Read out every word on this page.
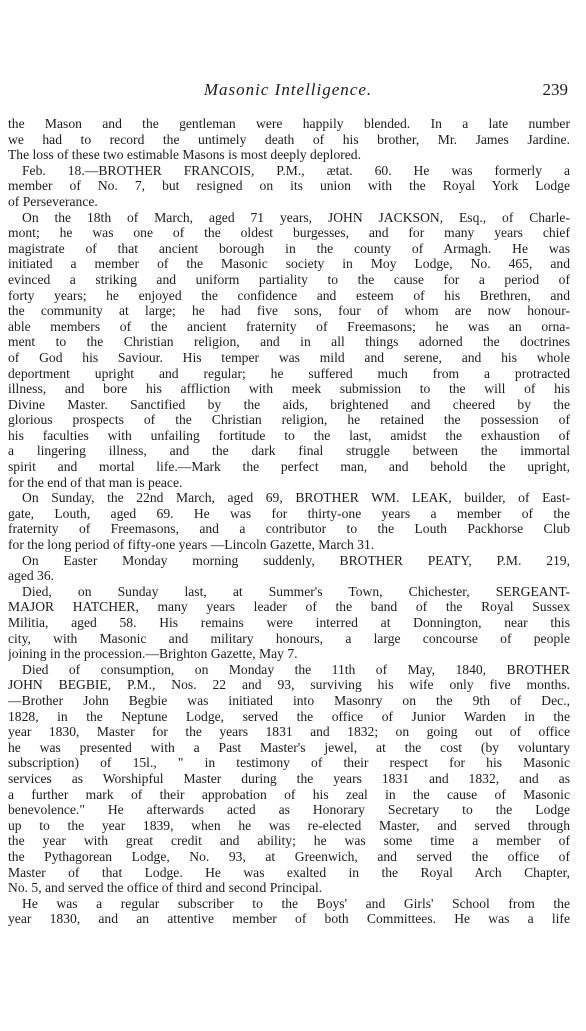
Masonic Intelligence.	239
the Mason and the gentleman were happily blended. In a late number
we had to record the untimely death of his brother, Mr. James Jardine.
The loss of these two estimable Masons is most deeply deplored.
Feb. 18.—BROTHER FRANCOIS, P.M., ætat. 60. He was formerly a
member of No. 7, but resigned on its union with the Royal York Lodge
of Perseverance.
On the 18th of March, aged 71 years, JOHN JACKSON, Esq., of Charle-
mont; he was one of the oldest burgesses, and for many years chief
magistrate of that ancient borough in the county of Armagh. He was
initiated a member of the Masonic society in Moy Lodge, No. 465, and
evinced a striking and uniform partiality to the cause for a period of
forty years; he enjoyed the confidence and esteem of his Brethren, and
the community at large; he had five sons, four of whom are now honour-
able members of the ancient fraternity of Freemasons; he was an orna-
ment to the Christian religion, and in all things adorned the doctrines
of God his Saviour. His temper was mild and serene, and his whole
deportment upright and regular; he suffered much from a protracted
illness, and bore his affliction with meek submission to the will of his
Divine Master. Sanctified by the aids, brightened and cheered by the
glorious prospects of the Christian religion, he retained the possession of
his faculties with unfailing fortitude to the last, amidst the exhaustion of
a lingering illness, and the dark final struggle between the immortal
spirit and mortal life.—Mark the perfect man, and behold the upright,
for the end of that man is peace.
On Sunday, the 22nd March, aged 69, BROTHER WM. LEAK, builder, of East-
gate, Louth, aged 69. He was for thirty-one years a member of the
fraternity of Freemasons, and a contributor to the Louth Packhorse Club
for the long period of fifty-one years —Lincoln Gazette, March 31.
On Easter Monday morning suddenly, BROTHER PEATY, P.M. 219,
aged 36.
Died, on Sunday last, at Summer's Town, Chichester, SERGEANT-
MAJOR HATCHER, many years leader of the band of the Royal Sussex
Militia, aged 58. His remains were interred at Donnington, near this
city, with Masonic and military honours, a large concourse of people
joining in the procession.—Brighton Gazette, May 7.
Died of consumption, on Monday the 11th of May, 1840, BROTHER
JOHN BEGBIE, P.M., Nos. 22 and 93, surviving his wife only five months.
—Brother John Begbie was initiated into Masonry on the 9th of Dec.,
1828, in the Neptune Lodge, served the office of Junior Warden in the
year 1830, Master for the years 1831 and 1832; on going out of office
he was presented with a Past Master's jewel, at the cost (by voluntary
subscription) of 15l., " in testimony of their respect for his Masonic
services as Worshipful Master during the years 1831 and 1832, and as
a further mark of their approbation of his zeal in the cause of Masonic
benevolence." He afterwards acted as Honorary Secretary to the Lodge
up to the year 1839, when he was re-elected Master, and served through
the year with great credit and ability; he was some time a member of
the Pythagorean Lodge, No. 93, at Greenwich, and served the office of
Master of that Lodge. He was exalted in the Royal Arch Chapter,
No. 5, and served the office of third and second Principal.
He was a regular subscriber to the Boys' and Girls' School from the
year 1830, and an attentive member of both Committees. He was a life
